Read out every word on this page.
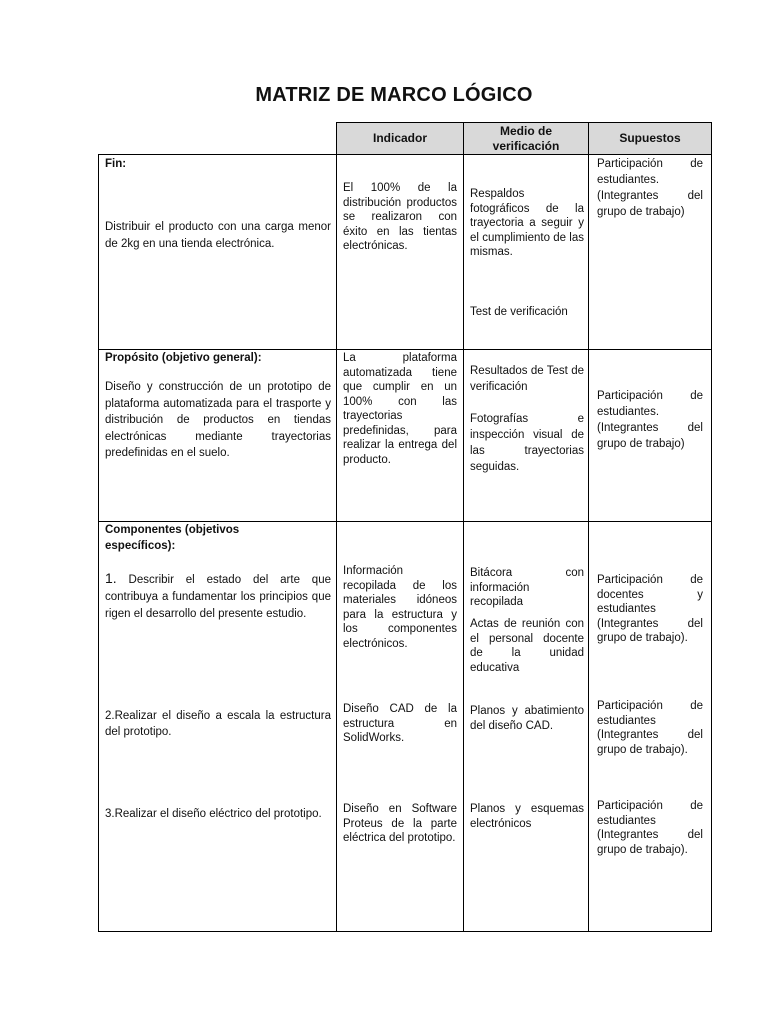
MATRIZ DE MARCO LÓGICO
Indicador
Medio de verificación
Supuestos
Fin:
Distribuir el producto con una carga menor de 2kg en una tienda electrónica.
El 100% de la distribución productos se realizaron con éxito en las tientas electrónicas.
Respaldos fotográficos de la trayectoria a seguir y el cumplimiento de las mismas.
Test de verificación
Participación de estudiantes. (Integrantes del grupo de trabajo)
Propósito (objetivo general):
Diseño y construcción de un prototipo de plataforma automatizada para el trasporte y distribución de productos en tiendas electrónicas mediante trayectorias predefinidas en el suelo.
La plataforma automatizada tiene que cumplir en un 100% con las trayectorias predefinidas, para realizar la entrega del producto.
Resultados de Test de verificación
Fotografías e inspección visual de las trayectorias seguidas.
Participación de estudiantes. (Integrantes del grupo de trabajo)
Componentes (objetivos específicos):
1. Describir el estado del arte que contribuya a fundamentar los principios que rigen el desarrollo del presente estudio.
2.Realizar el diseño a escala la estructura del prototipo.
3.Realizar el diseño eléctrico del prototipo.
Información recopilada de los materiales idóneos para la estructura y los componentes electrónicos.
Diseño CAD de la estructura en SolidWorks.
Diseño en Software Proteus de la parte eléctrica del prototipo.
Bitácora con información recopilada
Actas de reunión con el personal docente de la unidad educativa
Planos y abatimiento del diseño CAD.
Planos y esquemas electrónicos
Participación de docentes y estudiantes (Integrantes del grupo de trabajo).
Participación de estudiantes (Integrantes del grupo de trabajo).
Participación de estudiantes (Integrantes del grupo de trabajo).
